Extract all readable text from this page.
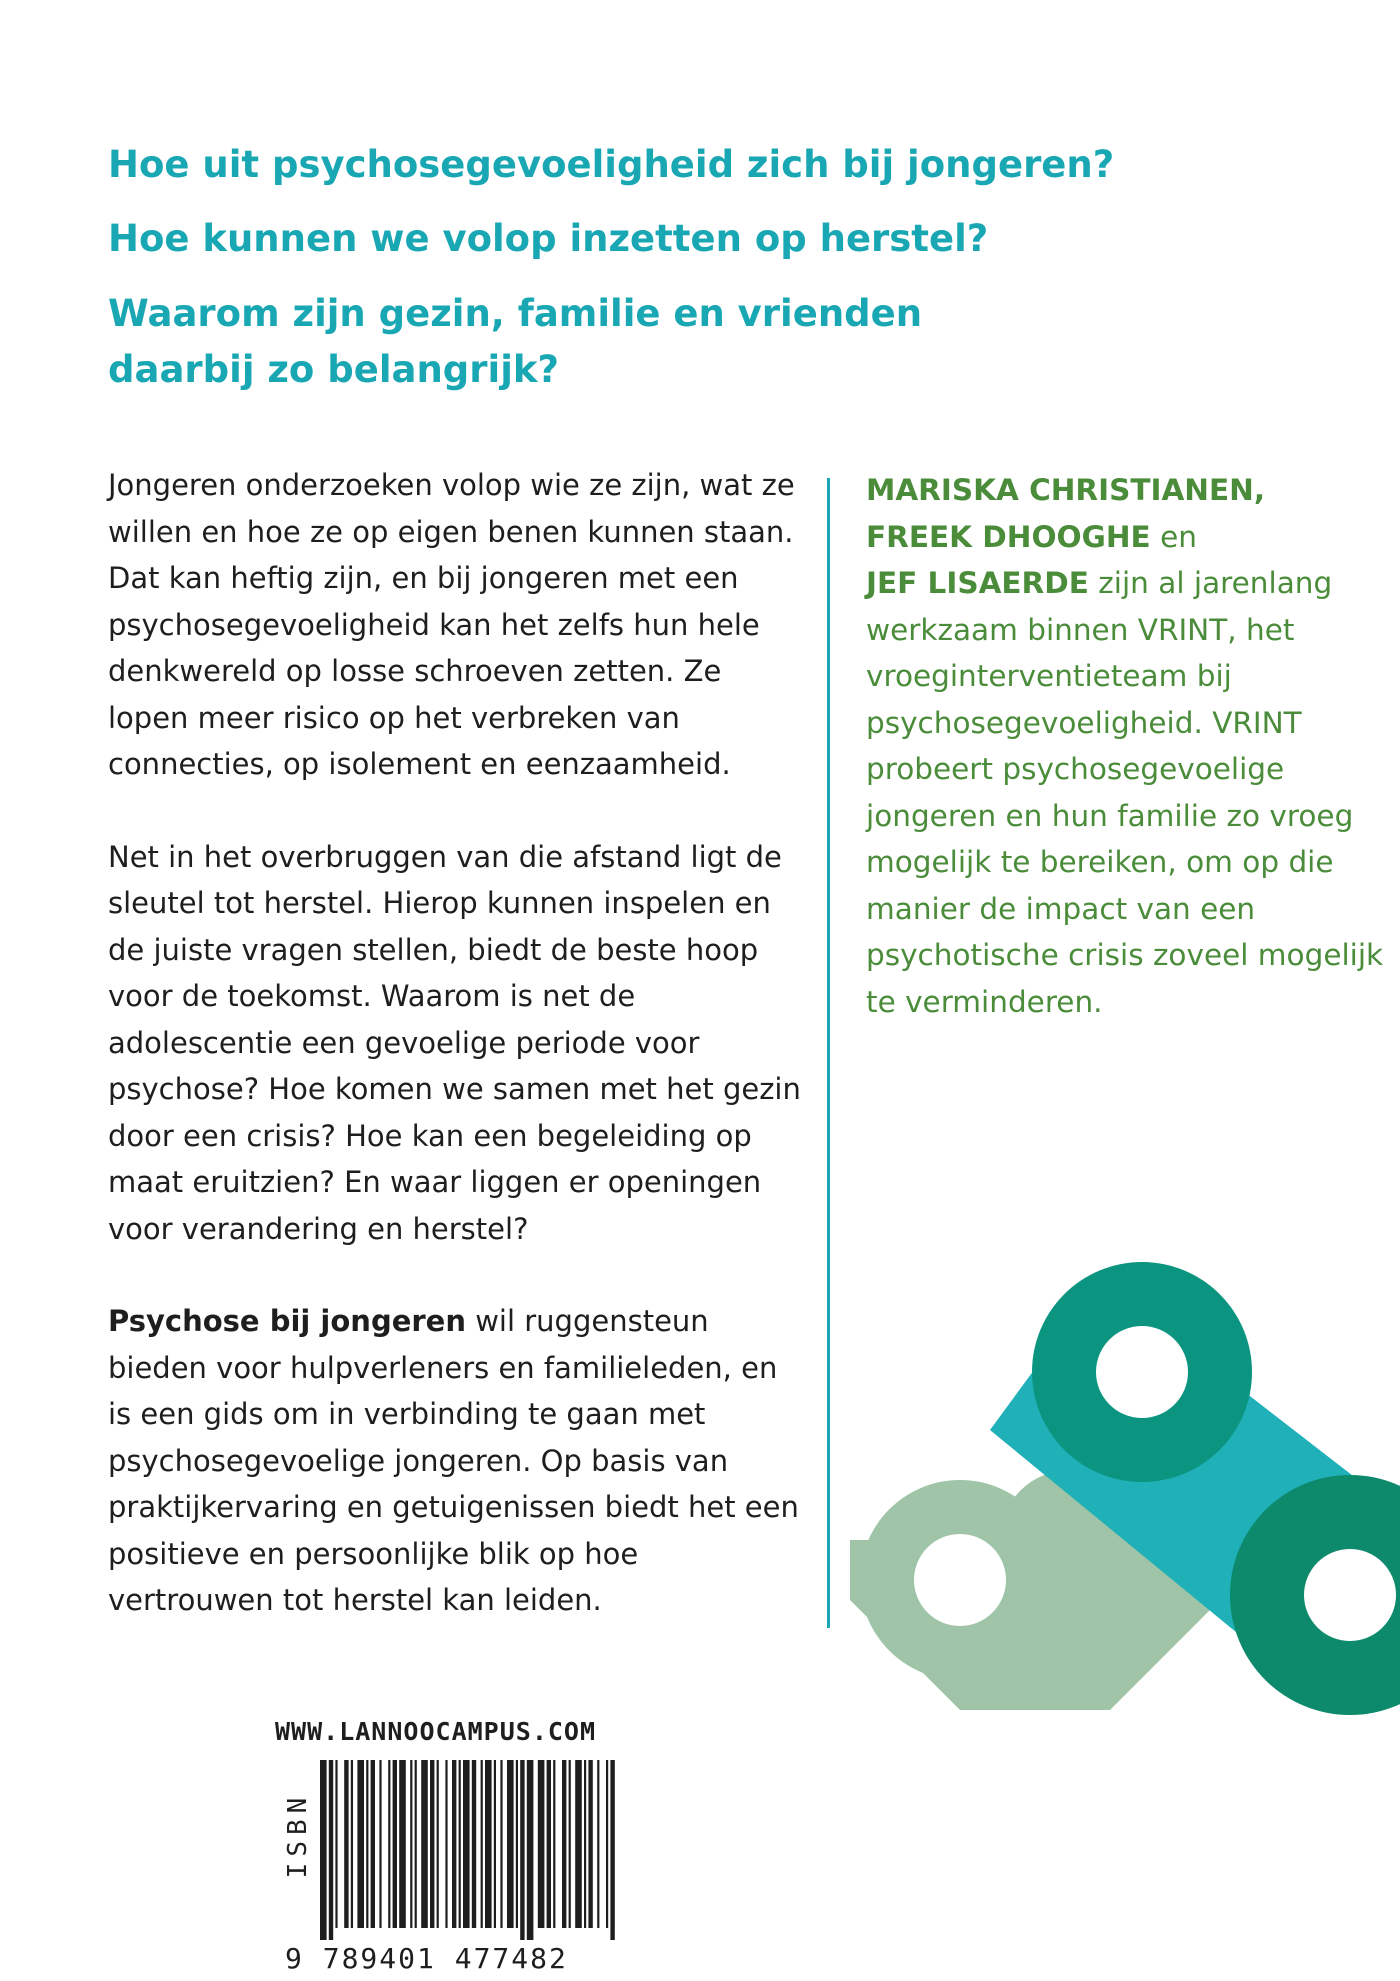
Hoe uit psychosegevoeligheid zich bij jongeren?

Hoe kunnen we volop inzetten op herstel?

Waarom zijn gezin, familie en vrienden daarbij zo belangrijk?

Jongeren onderzoeken volop wie ze zijn, wat ze willen en hoe ze op eigen benen kunnen staan. Dat kan heftig zijn, en bij jongeren met een psychosegevoeligheid kan het zelfs hun hele denkwereld op losse schroeven zetten. Ze lopen meer risico op het verbreken van connecties, op isolement en eenzaamheid.

Net in het overbruggen van die afstand ligt de sleutel tot herstel. Hierop kunnen inspelen en de juiste vragen stellen, biedt de beste hoop voor de toekomst. Waarom is net de adolescentie een gevoelige periode voor psychose? Hoe komen we samen met het gezin door een crisis? Hoe kan een begeleiding op maat eruitzien? En waar liggen er openingen voor verandering en herstel?

Psychose bij jongeren wil ruggensteun bieden voor hulpverleners en familieleden, en is een gids om in verbinding te gaan met psychosegevoelige jongeren. Op basis van praktijkervaring en getuigenissen biedt het een positieve en persoonlijke blik op hoe vertrouwen tot herstel kan leiden.

MARISKA CHRISTIANEN,
FREEK DHOOGHE en
JEF LISAERDE zijn al jarenlang werkzaam binnen VRINT, het vroeginterventieteam bij psychosegevoeligheid. VRINT probeert psychosegevoelige jongeren en hun familie zo vroeg mogelijk te bereiken, om op die manier de impact van een psychotische crisis zoveel mogelijk te verminderen.

WWW.LANNOOCAMPUS.COM
ISBN
9 789401 477482
